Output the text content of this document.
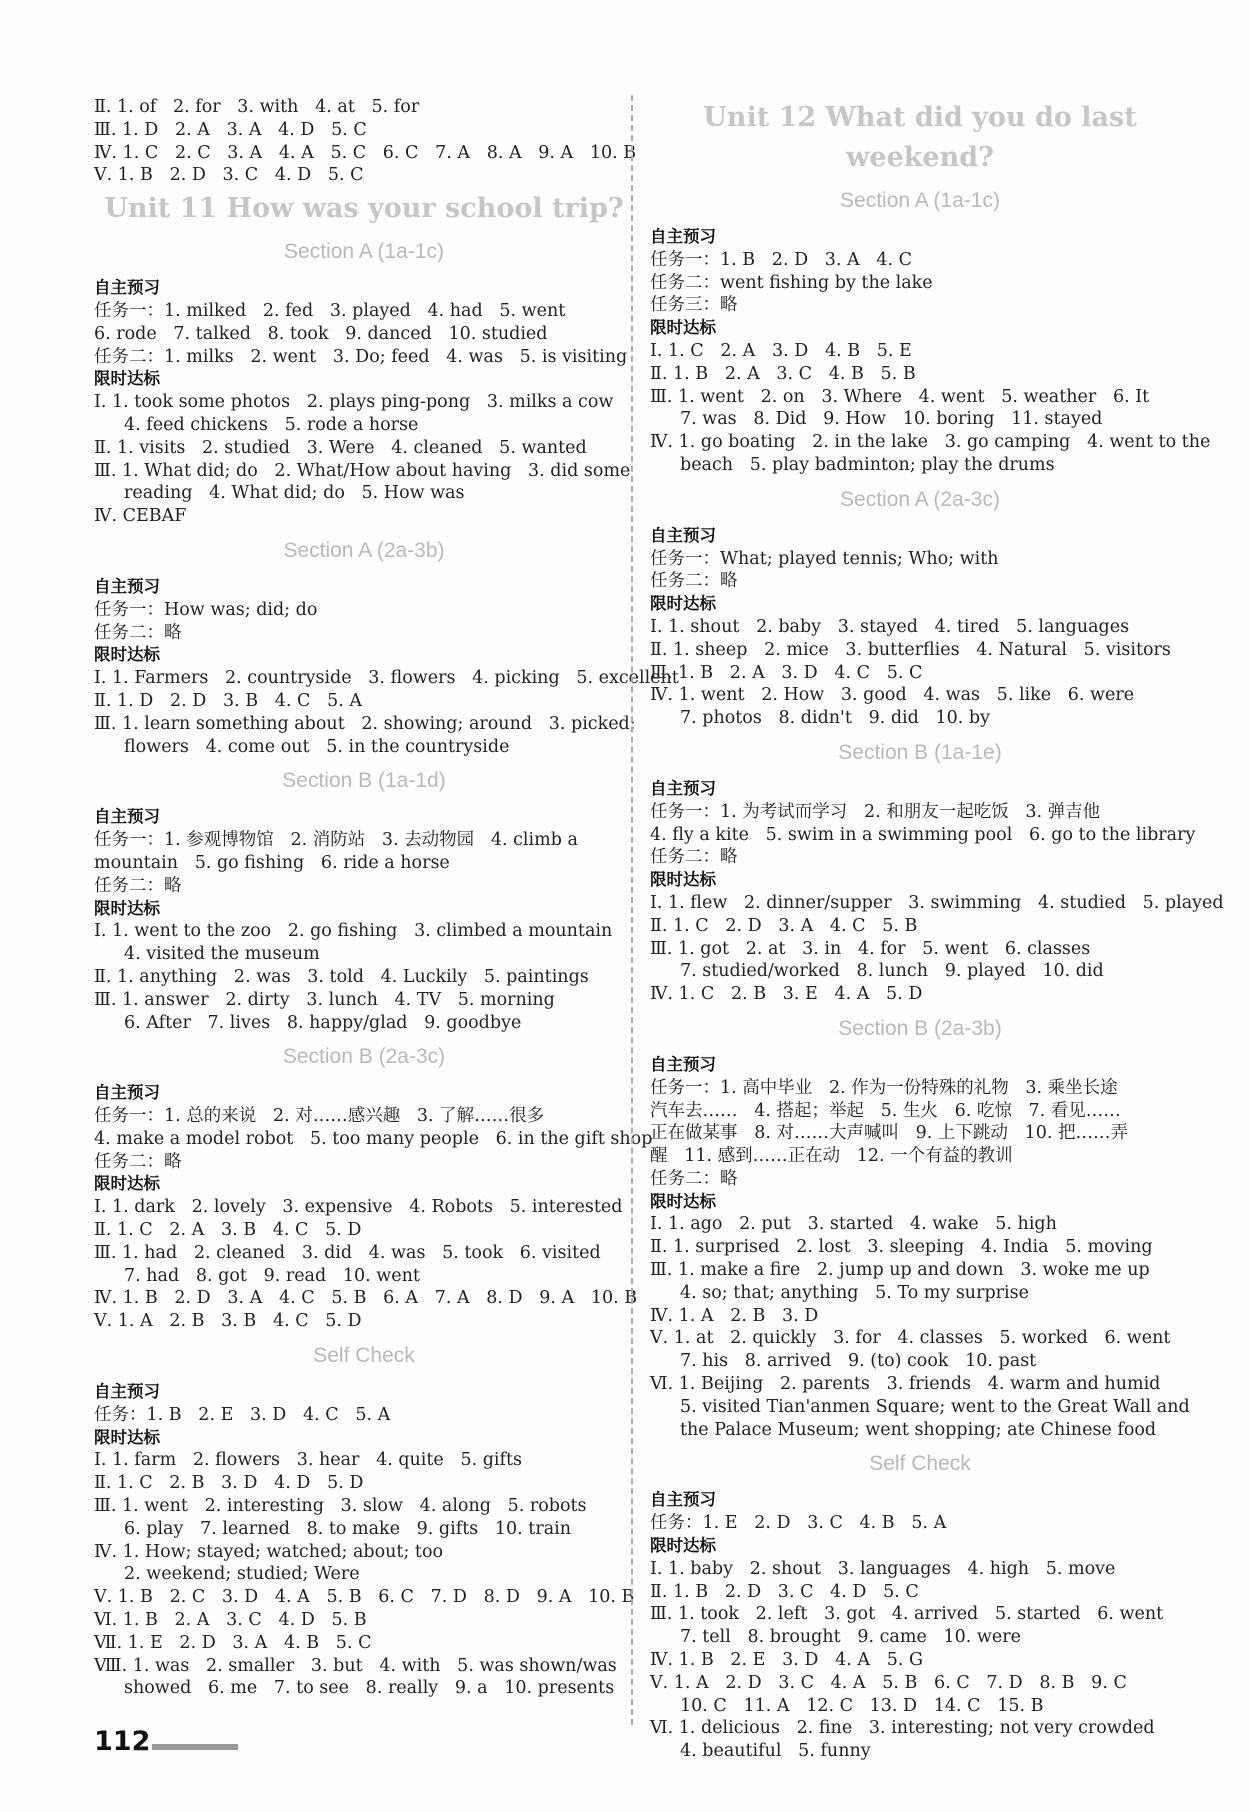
Ⅱ. 1. of   2. for   3. with   4. at   5. for
Ⅲ. 1. D   2. A   3. A   4. D   5. C
Ⅳ. 1. C   2. C   3. A   4. A   5. C   6. C   7. A   8. A   9. A   10. B
Ⅴ. 1. B   2. D   3. C   4. D   5. C
Unit 11 How was your school trip?
Section A (1a-1c)
自主预习
任务一：1. milked   2. fed   3. played   4. had   5. went
6. rode   7. talked   8. took   9. danced   10. studied
任务二：1. milks   2. went   3. Do; feed   4. was   5. is visiting
限时达标
Ⅰ. 1. took some photos   2. plays ping-pong   3. milks a cow
4. feed chickens   5. rode a horse
Ⅱ. 1. visits   2. studied   3. Were   4. cleaned   5. wanted
Ⅲ. 1. What did; do   2. What/How about having   3. did some
reading   4. What did; do   5. How was
Ⅳ. CEBAF
Section A (2a-3b)
自主预习
任务一：How was; did; do
任务二：略
限时达标
Ⅰ. 1. Farmers   2. countryside   3. flowers   4. picking   5. excellent
Ⅱ. 1. D   2. D   3. B   4. C   5. A
Ⅲ. 1. learn something about   2. showing; around   3. picked;
flowers   4. come out   5. in the countryside
Section B (1a-1d)
自主预习
任务一：1. 参观博物馆   2. 消防站   3. 去动物园   4. climb a
mountain   5. go fishing   6. ride a horse
任务二：略
限时达标
Ⅰ. 1. went to the zoo   2. go fishing   3. climbed a mountain
4. visited the museum
Ⅱ. 1. anything   2. was   3. told   4. Luckily   5. paintings
Ⅲ. 1. answer   2. dirty   3. lunch   4. TV   5. morning
6. After   7. lives   8. happy/glad   9. goodbye
Section B (2a-3c)
自主预习
任务一：1. 总的来说   2. 对……感兴趣   3. 了解……很多
4. make a model robot   5. too many people   6. in the gift shop
任务二：略
限时达标
Ⅰ. 1. dark   2. lovely   3. expensive   4. Robots   5. interested
Ⅱ. 1. C   2. A   3. B   4. C   5. D
Ⅲ. 1. had   2. cleaned   3. did   4. was   5. took   6. visited
7. had   8. got   9. read   10. went
Ⅳ. 1. B   2. D   3. A   4. C   5. B   6. A   7. A   8. D   9. A   10. B
Ⅴ. 1. A   2. B   3. B   4. C   5. D
Self Check
自主预习
任务：1. B   2. E   3. D   4. C   5. A
限时达标
Ⅰ. 1. farm   2. flowers   3. hear   4. quite   5. gifts
Ⅱ. 1. C   2. B   3. D   4. D   5. D
Ⅲ. 1. went   2. interesting   3. slow   4. along   5. robots
6. play   7. learned   8. to make   9. gifts   10. train
Ⅳ. 1. How; stayed; watched; about; too
2. weekend; studied; Were
Ⅴ. 1. B   2. C   3. D   4. A   5. B   6. C   7. D   8. D   9. A   10. B
Ⅵ. 1. B   2. A   3. C   4. D   5. B
Ⅶ. 1. E   2. D   3. A   4. B   5. C
Ⅷ. 1. was   2. smaller   3. but   4. with   5. was shown/was
showed   6. me   7. to see   8. really   9. a   10. presents
Unit 12 What did you do last weekend?
Section A (1a-1c)
自主预习
任务一：1. B   2. D   3. A   4. C
任务二：went fishing by the lake
任务三：略
限时达标
Ⅰ. 1. C   2. A   3. D   4. B   5. E
Ⅱ. 1. B   2. A   3. C   4. B   5. B
Ⅲ. 1. went   2. on   3. Where   4. went   5. weather   6. It
7. was   8. Did   9. How   10. boring   11. stayed
Ⅳ. 1. go boating   2. in the lake   3. go camping   4. went to the
beach   5. play badminton; play the drums
Section A (2a-3c)
自主预习
任务一：What; played tennis; Who; with
任务二：略
限时达标
Ⅰ. 1. shout   2. baby   3. stayed   4. tired   5. languages
Ⅱ. 1. sheep   2. mice   3. butterflies   4. Natural   5. visitors
Ⅲ. 1. B   2. A   3. D   4. C   5. C
Ⅳ. 1. went   2. How   3. good   4. was   5. like   6. were
7. photos   8. didn't   9. did   10. by
Section B (1a-1e)
自主预习
任务一：1. 为考试而学习   2. 和朋友一起吃饭   3. 弹吉他
4. fly a kite   5. swim in a swimming pool   6. go to the library
任务二：略
限时达标
Ⅰ. 1. flew   2. dinner/supper   3. swimming   4. studied   5. played
Ⅱ. 1. C   2. D   3. A   4. C   5. B
Ⅲ. 1. got   2. at   3. in   4. for   5. went   6. classes
7. studied/worked   8. lunch   9. played   10. did
Ⅳ. 1. C   2. B   3. E   4. A   5. D
Section B (2a-3b)
自主预习
任务一：1. 高中毕业   2. 作为一份特殊的礼物   3. 乘坐长途
汽车去……   4. 搭起；举起   5. 生火   6. 吃惊   7. 看见……
正在做某事   8. 对……大声喊叫   9. 上下跳动   10. 把……弄
醒   11. 感到……正在动   12. 一个有益的教训
任务二：略
限时达标
Ⅰ. 1. ago   2. put   3. started   4. wake   5. high
Ⅱ. 1. surprised   2. lost   3. sleeping   4. India   5. moving
Ⅲ. 1. make a fire   2. jump up and down   3. woke me up
4. so; that; anything   5. To my surprise
Ⅳ. 1. A   2. B   3. D
Ⅴ. 1. at   2. quickly   3. for   4. classes   5. worked   6. went
7. his   8. arrived   9. (to) cook   10. past
Ⅵ. 1. Beijing   2. parents   3. friends   4. warm and humid
5. visited Tian'anmen Square; went to the Great Wall and
the Palace Museum; went shopping; ate Chinese food
Self Check
自主预习
任务：1. E   2. D   3. C   4. B   5. A
限时达标
Ⅰ. 1. baby   2. shout   3. languages   4. high   5. move
Ⅱ. 1. B   2. D   3. C   4. D   5. C
Ⅲ. 1. took   2. left   3. got   4. arrived   5. started   6. went
7. tell   8. brought   9. came   10. were
Ⅳ. 1. B   2. E   3. D   4. A   5. G
Ⅴ. 1. A   2. D   3. C   4. A   5. B   6. C   7. D   8. B   9. C
10. C   11. A   12. C   13. D   14. C   15. B
Ⅵ. 1. delicious   2. fine   3. interesting; not very crowded
4. beautiful   5. funny
112
